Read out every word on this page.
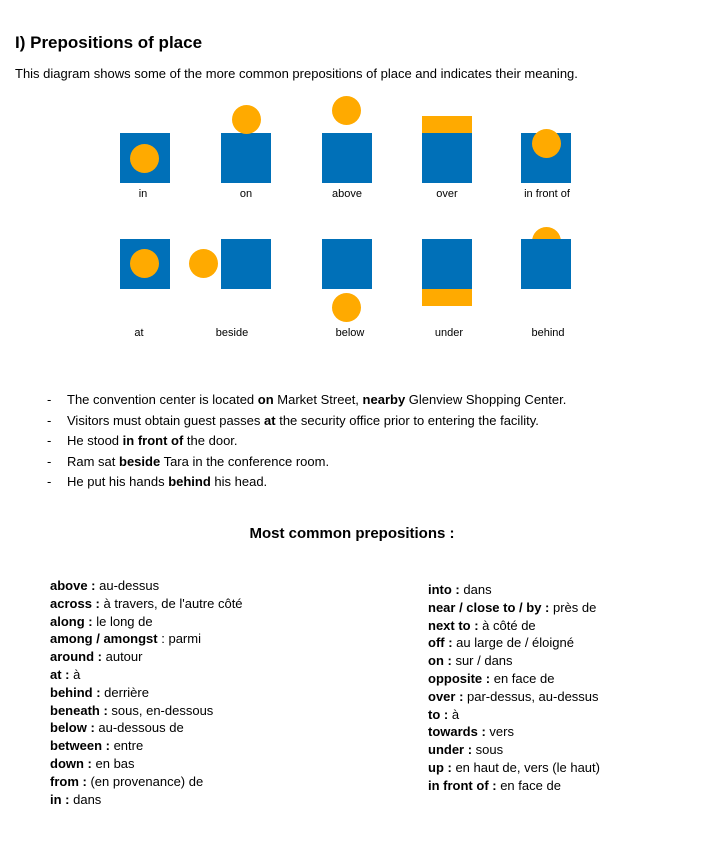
I) Prepositions of place

This diagram shows some of the more common prepositions of place and indicates their meaning.

in	on	above	over	in front of
at	beside	below	under	behind
- The convention center is located on Market Street, nearby Glenview Shopping Center.
- Visitors must obtain guest passes at the security office prior to entering the facility.
- He stood in front of the door.
- Ram sat beside Tara in the conference room.
- He put his hands behind his head.
Most common prepositions :
above : au-dessus
across : à travers, de l'autre côté
along : le long de
among / amongst : parmi
around : autour
at : à
behind : derrière
beneath : sous, en-dessous
below : au-dessous de
between : entre
down : en bas
from : (en provenance) de
in : dans
into : dans
near / close to / by : près de
next to : à côté de
off : au large de / éloigné
on : sur / dans
opposite : en face de
over : par-dessus, au-dessus
to : à
towards : vers
under : sous
up : en haut de, vers (le haut)
in front of : en face de
